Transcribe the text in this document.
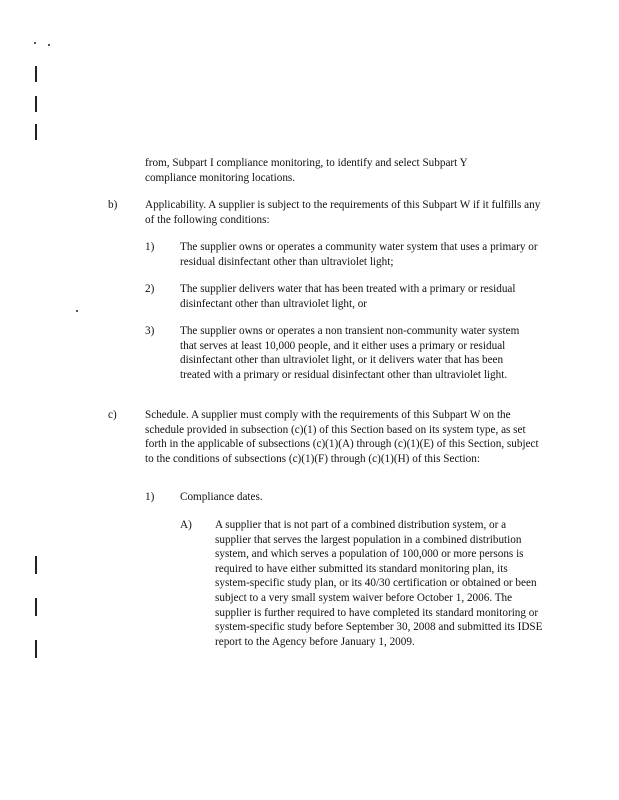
from, Subpart I compliance monitoring, to identify and select Subpart Y compliance monitoring locations.
b) Applicability. A supplier is subject to the requirements of this Subpart W if it fulfills any of the following conditions:
1) The supplier owns or operates a community water system that uses a primary or residual disinfectant other than ultraviolet light;
2) The supplier delivers water that has been treated with a primary or residual disinfectant other than ultraviolet light, or
3) The supplier owns or operates a non transient non-community water system that serves at least 10,000 people, and it either uses a primary or residual disinfectant other than ultraviolet light, or it delivers water that has been treated with a primary or residual disinfectant other than ultraviolet light.
c)	Schedule. A supplier must comply with the requirements of this Subpart W on the schedule provided in subsection (c)(1) of this Section based on its system type, as set forth in the applicable of subsections (c)(1)(A) through (c)(1)(E) of this Section, subject to the conditions of subsections (c)(1)(F) through (c)(1)(H) of this Section:
1) Compliance dates.
A) A supplier that is not part of a combined distribution system, or a supplier that serves the largest population in a combined distribution system, and which serves a population of 100,000 or more persons is required to have either submitted its standard monitoring plan, its system-specific study plan, or its 40/30 certification or obtained or been subject to a very small system waiver before October 1, 2006. The supplier is further required to have completed its standard monitoring or system-specific study before September 30, 2008 and submitted its IDSE report to the Agency before January 1, 2009.
